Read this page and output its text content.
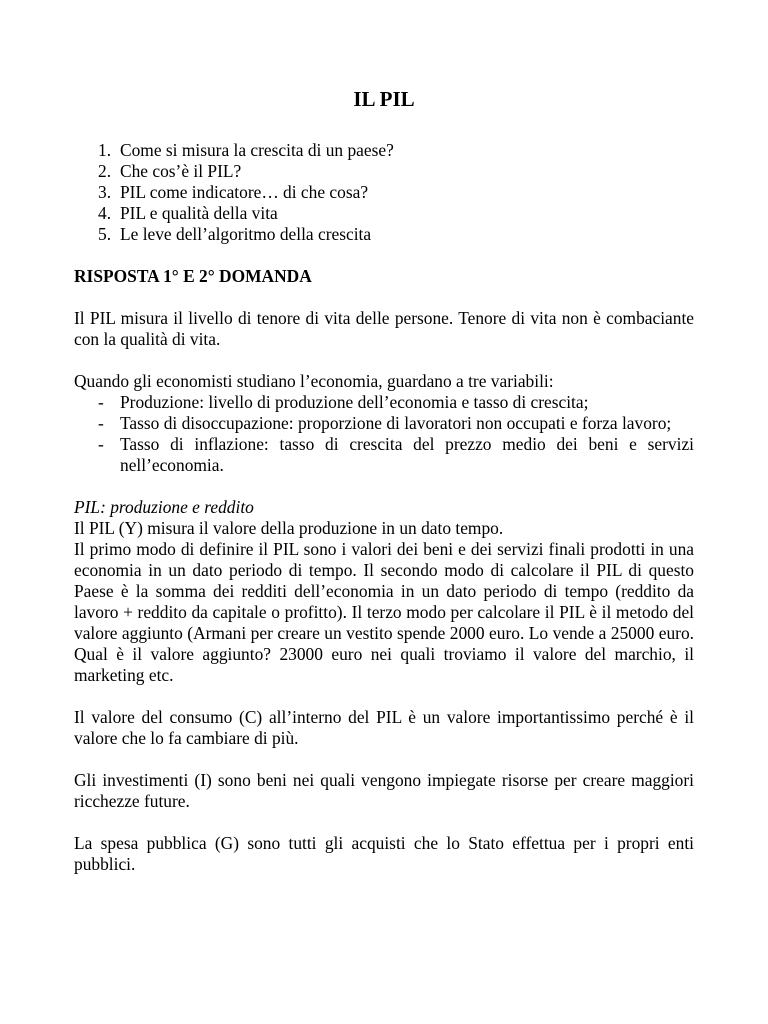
IL PIL
1. Come si misura la crescita di un paese?
2. Che cos’è il PIL?
3. PIL come indicatore… di che cosa?
4. PIL e qualità della vita
5. Le leve dell’algoritmo della crescita
RISPOSTA 1° E 2° DOMANDA

Il PIL misura il livello di tenore di vita delle persone. Tenore di vita non è combaciante con la qualità di vita.

Quando gli economisti studiano l’economia, guardano a tre variabili:

- Produzione: livello di produzione dell’economia e tasso di crescita;
- Tasso di disoccupazione: proporzione di lavoratori non occupati e forza lavoro;
- Tasso di inflazione: tasso di crescita del prezzo medio dei beni e servizi nell’economia.

PIL: produzione e reddito

Il PIL (Y) misura il valore della produzione in un dato tempo.

Il primo modo di definire il PIL sono i valori dei beni e dei servizi finali prodotti in una economia in un dato periodo di tempo. Il secondo modo di calcolare il PIL di questo Paese è la somma dei redditi dell’economia in un dato periodo di tempo (reddito da lavoro + reddito da capitale o profitto). Il terzo modo per calcolare il PIL è il metodo del valore aggiunto (Armani per creare un vestito spende 2000 euro. Lo vende a 25000 euro. Qual è il valore aggiunto? 23000 euro nei quali troviamo il valore del marchio, il marketing etc.

Il valore del consumo (C) all’interno del PIL è un valore importantissimo perché è il valore che lo fa cambiare di più.

Gli investimenti (I) sono beni nei quali vengono impiegate risorse per creare maggiori ricchezze future.

La spesa pubblica (G) sono tutti gli acquisti che lo Stato effettua per i propri enti pubblici.
